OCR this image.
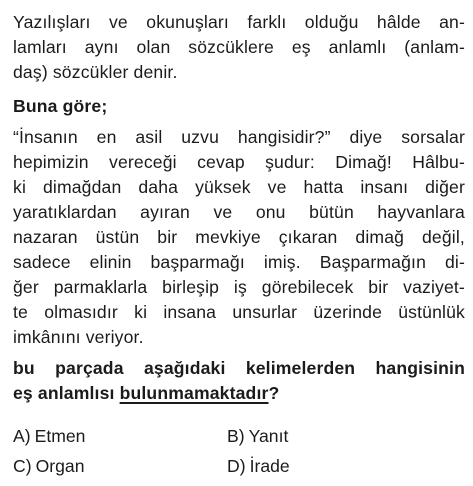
Yazılışları ve okunuşları farklı olduğu hâlde an-
lamları aynı olan sözcüklere eş anlamlı (anlam-
daş) sözcükler denir.
Buna göre;
“İnsanın en asil uzvu hangisidir?” diye sorsalar
hepimizin vereceği cevap şudur: Dimağ! Hâlbu-
ki dimağdan daha yüksek ve hatta insanı diğer
yaratıklardan ayıran ve onu bütün hayvanlara
nazaran üstün bir mevkiye çıkaran dimağ değil,
sadece elinin başparmağı imiş. Başparmağın di-
ğer parmaklarla birleşip iş görebilecek bir vaziyet-
te olmasıdır ki insana unsurlar üzerinde üstünlük
imkânını veriyor.
bu parçada aşağıdaki kelimelerden hangisinin
eş anlamlısı bulunmamaktadır?
A) Etmen	B) Yanıt
C) Organ	D) İrade
